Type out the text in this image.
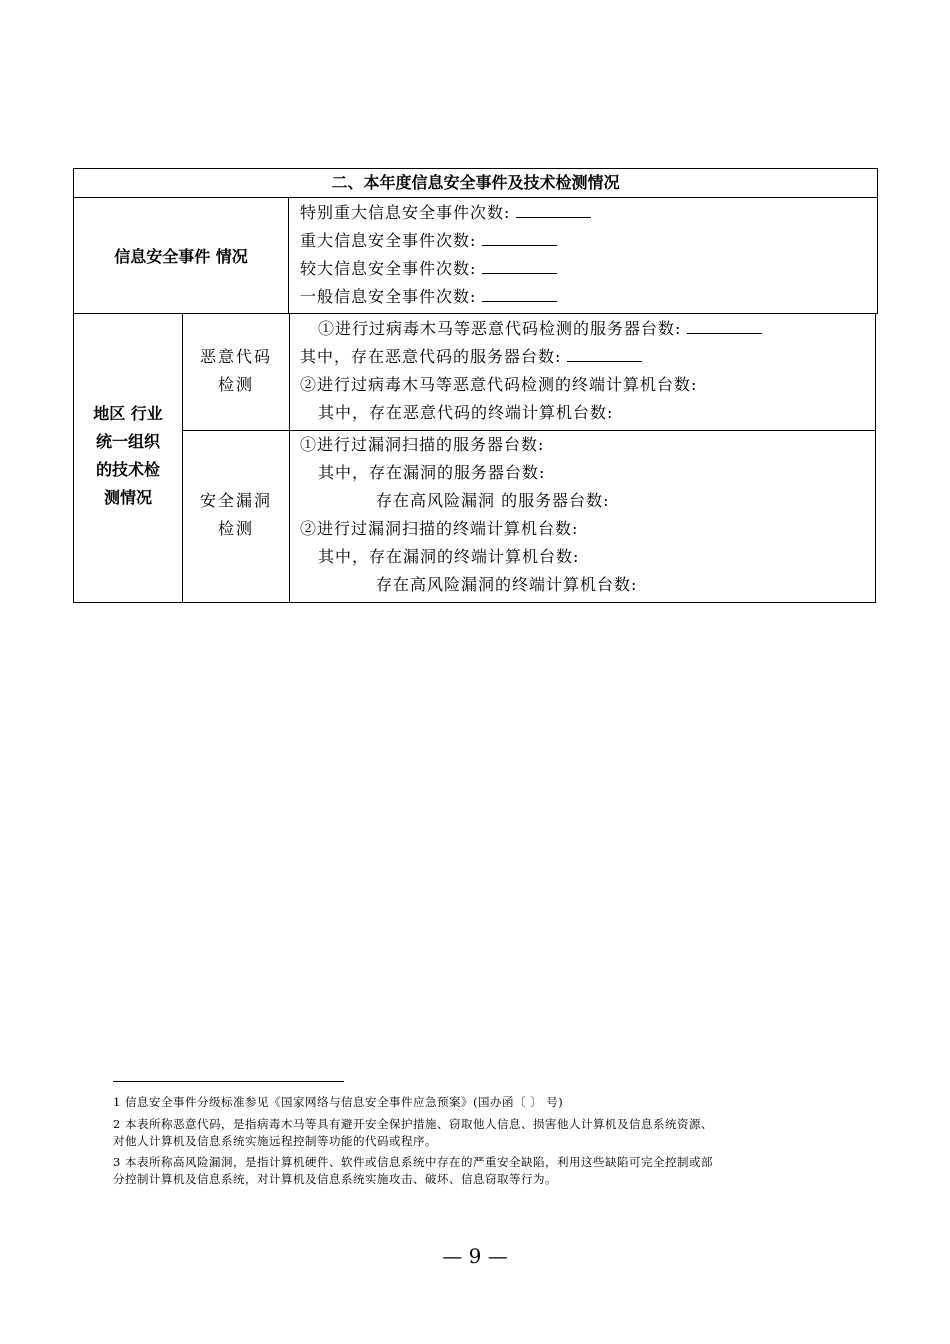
二、本年度信息安全事件及技术检测情况
信息安全事件 情况
特别重大信息安全事件次数:
重大信息安全事件次数:
较大信息安全事件次数:
一般信息安全事件次数:
地区 行业
统一组织
的技术检
测情况
恶意代码
检测
①进行过病毒木马等恶意代码检测的服务器台数:
其中，存在恶意代码的服务器台数:
②进行过病毒木马等恶意代码检测的终端计算机台数:
其中，存在恶意代码的终端计算机台数:
安全漏洞
检测
①进行过漏洞扫描的服务器台数:
其中，存在漏洞的服务器台数:
存在高风险漏洞 的服务器台数:
②进行过漏洞扫描的终端计算机台数:
其中，存在漏洞的终端计算机台数:
存在高风险漏洞的终端计算机台数:
1 信息安全事件分级标准参见《国家网络与信息安全事件应急预案》(国办函〔 〕 号)
2 本表所称恶意代码，是指病毒木马等具有避开安全保护措施、窃取他人信息、损害他人计算机及信息系统资源、
对他人计算机及信息系统实施远程控制等功能的代码或程序。
3 本表所称高风险漏洞，是指计算机硬件、软件或信息系统中存在的严重安全缺陷，利用这些缺陷可完全控制或部
分控制计算机及信息系统，对计算机及信息系统实施攻击、破坏、信息窃取等行为。
— 9 —
